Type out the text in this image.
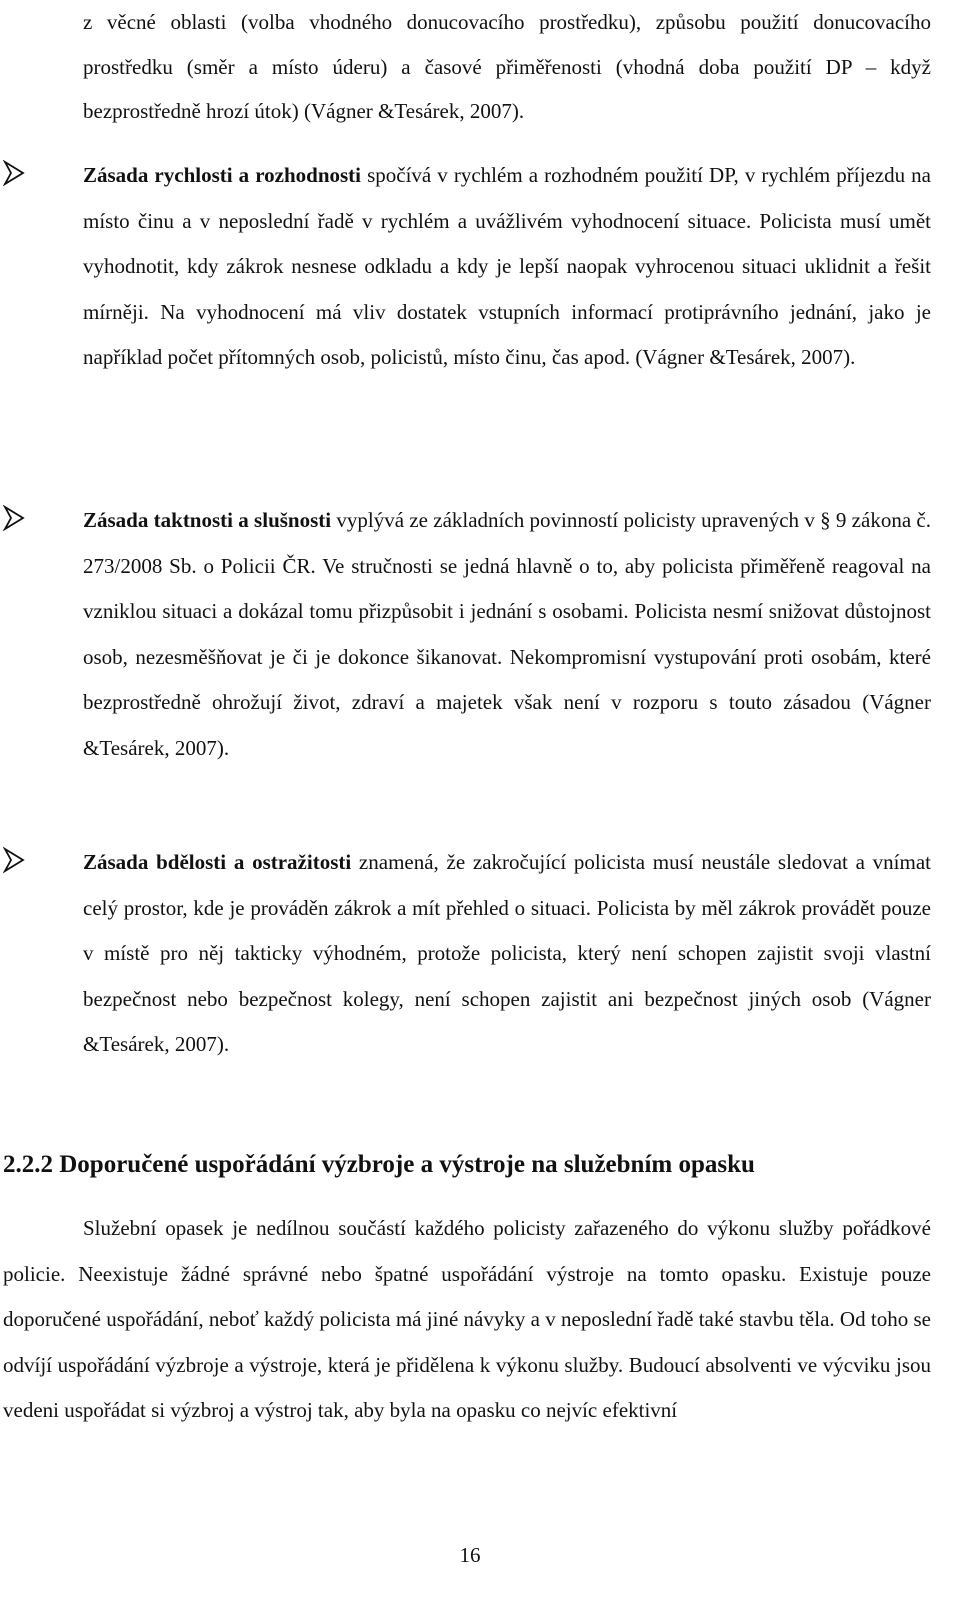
z věcné oblasti (volba vhodného donucovacího prostředku), způsobu použití donucovacího prostředku (směr a místo úderu) a časové přiměřenosti (vhodná doba použití DP – když bezprostředně hrozí útok) (Vágner &Tesárek, 2007).

Zásada rychlosti a rozhodnosti spočívá v rychlém a rozhodném použití DP, v rychlém příjezdu na místo činu a v neposlední řadě v rychlém a uvážlivém vyhodnocení situace. Policista musí umět vyhodnotit, kdy zákrok nesnese odkladu a kdy je lepší naopak vyhrocenou situaci uklidnit a řešit mírněji. Na vyhodnocení má vliv dostatek vstupních informací protiprávního jednání, jako je například počet přítomných osob, policistů, místo činu, čas apod. (Vágner &Tesárek, 2007).

Zásada taktnosti a slušnosti vyplývá ze základních povinností policisty upravených v § 9 zákona č. 273/2008 Sb. o Policii ČR. Ve stručnosti se jedná hlavně o to, aby policista přiměřeně reagoval na vzniklou situaci a dokázal tomu přizpůsobit i jednání s osobami. Policista nesmí snižovat důstojnost osob, nezesměšňovat je či je dokonce šikanovat. Nekompromisní vystupování proti osobám, které bezprostředně ohrožují život, zdraví a majetek však není v rozporu s touto zásadou (Vágner &Tesárek, 2007).

Zásada bdělosti a ostražitosti znamená, že zakročující policista musí neustále sledovat a vnímat celý prostor, kde je prováděn zákrok a mít přehled o situaci. Policista by měl zákrok provádět pouze v místě pro něj takticky výhodném, protože policista, který není schopen zajistit svoji vlastní bezpečnost nebo bezpečnost kolegy, není schopen zajistit ani bezpečnost jiných osob (Vágner &Tesárek, 2007).

2.2.2 Doporučené uspořádání výzbroje a výstroje na služebním opasku

Služební opasek je nedílnou součástí každého policisty zařazeného do výkonu služby pořádkové policie. Neexistuje žádné správné nebo špatné uspořádání výstroje na tomto opasku. Existuje pouze doporučené uspořádání, neboť každý policista má jiné návyky a v neposlední řadě také stavbu těla. Od toho se odvíjí uspořádání výzbroje a výstroje, která je přidělena k výkonu služby. Budoucí absolventi ve výcviku jsou vedeni uspořádat si výzbroj a výstroj tak, aby byla na opasku co nejvíc efektivní

16
